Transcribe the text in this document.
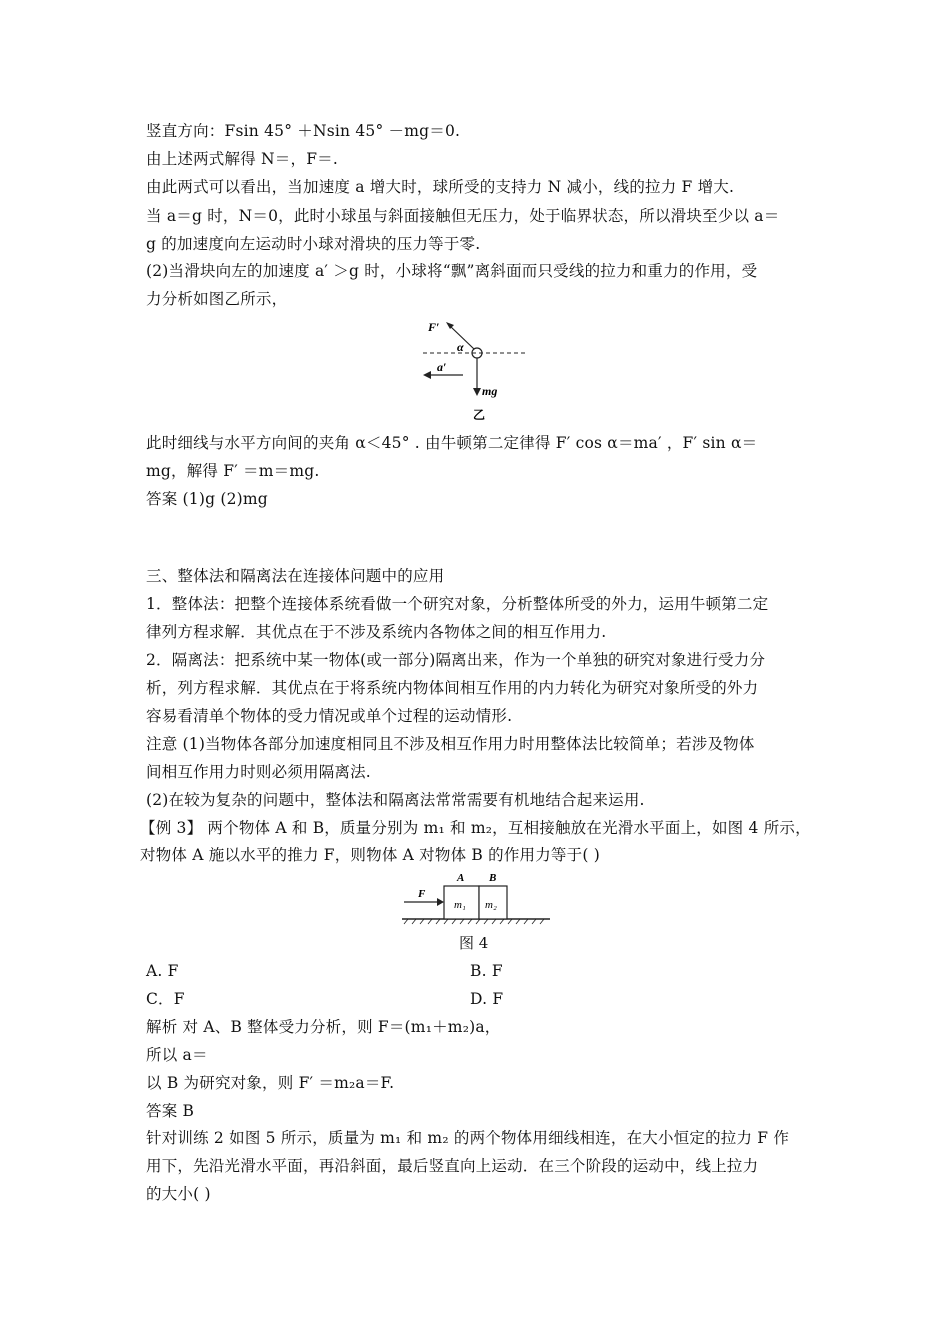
竖直方向：Fsin 45° ＋Nsin 45° －mg＝0.
由上述两式解得 N＝，F＝.
由此两式可以看出，当加速度 a 增大时，球所受的支持力 N 减小，线的拉力 F 增大.
当 a＝g 时，N＝0，此时小球虽与斜面接触但无压力，处于临界状态，所以滑块至少以 a＝
g 的加速度向左运动时小球对滑块的压力等于零.
(2)当滑块向左的加速度 a′ ＞g 时，小球将“飘”离斜面而只受线的拉力和重力的作用，受
力分析如图乙所示，
F′
α
a′
mg
乙
此时细线与水平方向间的夹角 α＜45° . 由牛顿第二定律得 F′ cos α＝ma′ ，F′ sin α＝
mg，解得 F′ ＝m＝mg.
答案 (1)g (2)mg
三、整体法和隔离法在连接体问题中的应用
1．整体法：把整个连接体系统看做一个研究对象，分析整体所受的外力，运用牛顿第二定
律列方程求解．其优点在于不涉及系统内各物体之间的相互作用力.
2．隔离法：把系统中某一物体(或一部分)隔离出来，作为一个单独的研究对象进行受力分
析，列方程求解．其优点在于将系统内物体间相互作用的内力转化为研究对象所受的外力
容易看清单个物体的受力情况或单个过程的运动情形.
注意 (1)当物体各部分加速度相同且不涉及相互作用力时用整体法比较简单；若涉及物体
间相互作用力时则必须用隔离法.
(2)在较为复杂的问题中，整体法和隔离法常常需要有机地结合起来运用.
【例 3】 两个物体 A 和 B，质量分别为 m₁ 和 m₂，互相接触放在光滑水平面上，如图 4 所示，
对物体 A 施以水平的推力 F，则物体 A 对物体 B 的作用力等于( )
F
A B
m₁ m₂
图 4
A. F	B. F
C．F	D. F
解析 对 A、B 整体受力分析，则 F＝(m₁＋m₂)a，
所以 a＝
以 B 为研究对象，则 F′ ＝m₂a＝F.
答案 B
针对训练 2 如图 5 所示，质量为 m₁ 和 m₂ 的两个物体用细线相连，在大小恒定的拉力 F 作
用下，先沿光滑水平面，再沿斜面，最后竖直向上运动．在三个阶段的运动中，线上拉力
的大小( )
